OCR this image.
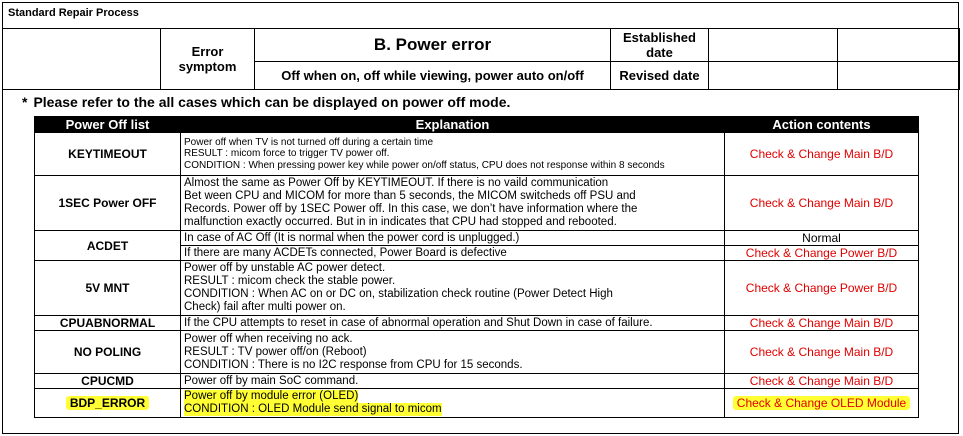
Standard Repair Process
	Error
symptom	B. Power error	Established
date		
		Off when on, off while viewing, power auto on/off	Revised date		
* Please refer to the all cases which can be displayed on power off mode.
Power Off list	Explanation	Action contents
KEYTIMEOUT	Power off when TV is not turned off during a certain time
RESULT : micom force to trigger TV power off.
CONDITION : When pressing power key while power on/off status, CPU does not response within 8 seconds	Check & Change Main B/D
1SEC Power OFF	Almost the same as Power Off by KEYTIMEOUT. If there is no vaild communication
Bet ween CPU and MICOM for more than 5 seconds, the MICOM switcheds off PSU and
Records. Power off by 1SEC Power off. In this case, we don’t have information where the
malfunction exactly occurred. But in in indicates that CPU had stopped and rebooted.	Check & Change Main B/D
ACDET	In case of AC Off (It is normal when the power cord is unplugged.)	Normal

	If there are many ACDETs connected, Power Board is defective	Check & Change Power B/D
5V MNT	Power off by unstable AC power detect.
RESULT : micom check the stable power.
CONDITION : When AC on or DC on, stabilization check routine (Power Detect High
Check) fail after multi power on.	Check & Change Power B/D
CPUABNORMAL	If the CPU attempts to reset in case of abnormal operation and Shut Down in case of failure.	Check & Change Main B/D
NO POLING	Power off when receiving no ack.
RESULT : TV power off/on (Reboot)
CONDITION : There is no I2C response from CPU for 15 seconds.	Check & Change Main B/D
CPUCMD	Power off by main SoC command.	Check & Change Main B/D
BDP_ERROR	Power off by module error (OLED)
CONDITION : OLED Module send signal to micom	Check & Change OLED Module
